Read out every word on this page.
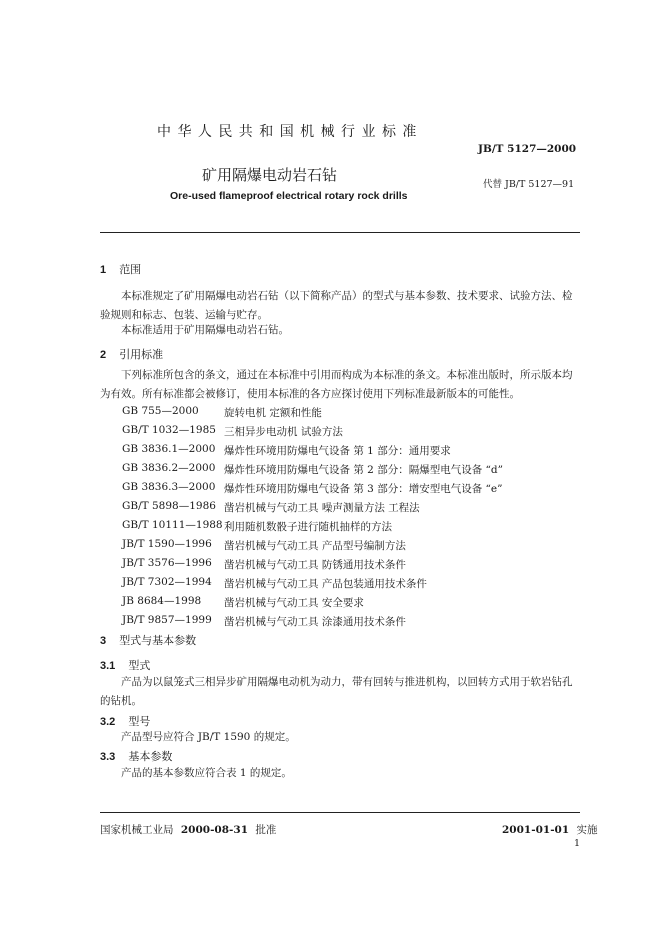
中 华 人 民 共 和 国 机 械 行 业 标 准
JB/T 5127—2000
矿用隔爆电动岩石钻
代替 JB/T 5127—91
Ore-used flameproof electrical rotary rock drills
1 范围

本标准规定了矿用隔爆电动岩石钻（以下简称产品）的型式与基本参数、技术要求、试验方法、检验规则和标志、包装、运输与贮存。

本标准适用于矿用隔爆电动岩石钻。

2 引用标准

下列标准所包含的条文，通过在本标准中引用而构成为本标准的条文。本标准出版时，所示版本均为有效。所有标准都会被修订，使用本标准的各方应探讨使用下列标准最新版本的可能性。

GB 755—2000 旋转电机 定额和性能
GB/T 1032—1985 三相异步电动机 试验方法
GB 3836.1—2000 爆炸性环境用防爆电气设备 第 1 部分：通用要求
GB 3836.2—2000 爆炸性环境用防爆电气设备 第 2 部分：隔爆型电气设备 “d”
GB 3836.3—2000 爆炸性环境用防爆电气设备 第 3 部分：增安型电气设备 “e”
GB/T 5898—1986 凿岩机械与气动工具 噪声测量方法 工程法
GB/T 10111—1988 利用随机数骰子进行随机抽样的方法
JB/T 1590—1996 凿岩机械与气动工具 产品型号编制方法
JB/T 3576—1996 凿岩机械与气动工具 防锈通用技术条件
JB/T 7302—1994 凿岩机械与气动工具 产品包装通用技术条件
JB 8684—1998 凿岩机械与气动工具 安全要求
JB/T 9857—1999 凿岩机械与气动工具 涂漆通用技术条件
3 型式与基本参数
3.1 型式

产品为以鼠笼式三相异步矿用隔爆电动机为动力，带有回转与推进机构，以回转方式用于软岩钻孔的钻机。

3.2 型号

产品型号应符合 JB/T 1590 的规定。

3.3 基本参数

产品的基本参数应符合表 1 的规定。

国家机械工业局 2000-08-31 批准	2001-01-01 实施
1
